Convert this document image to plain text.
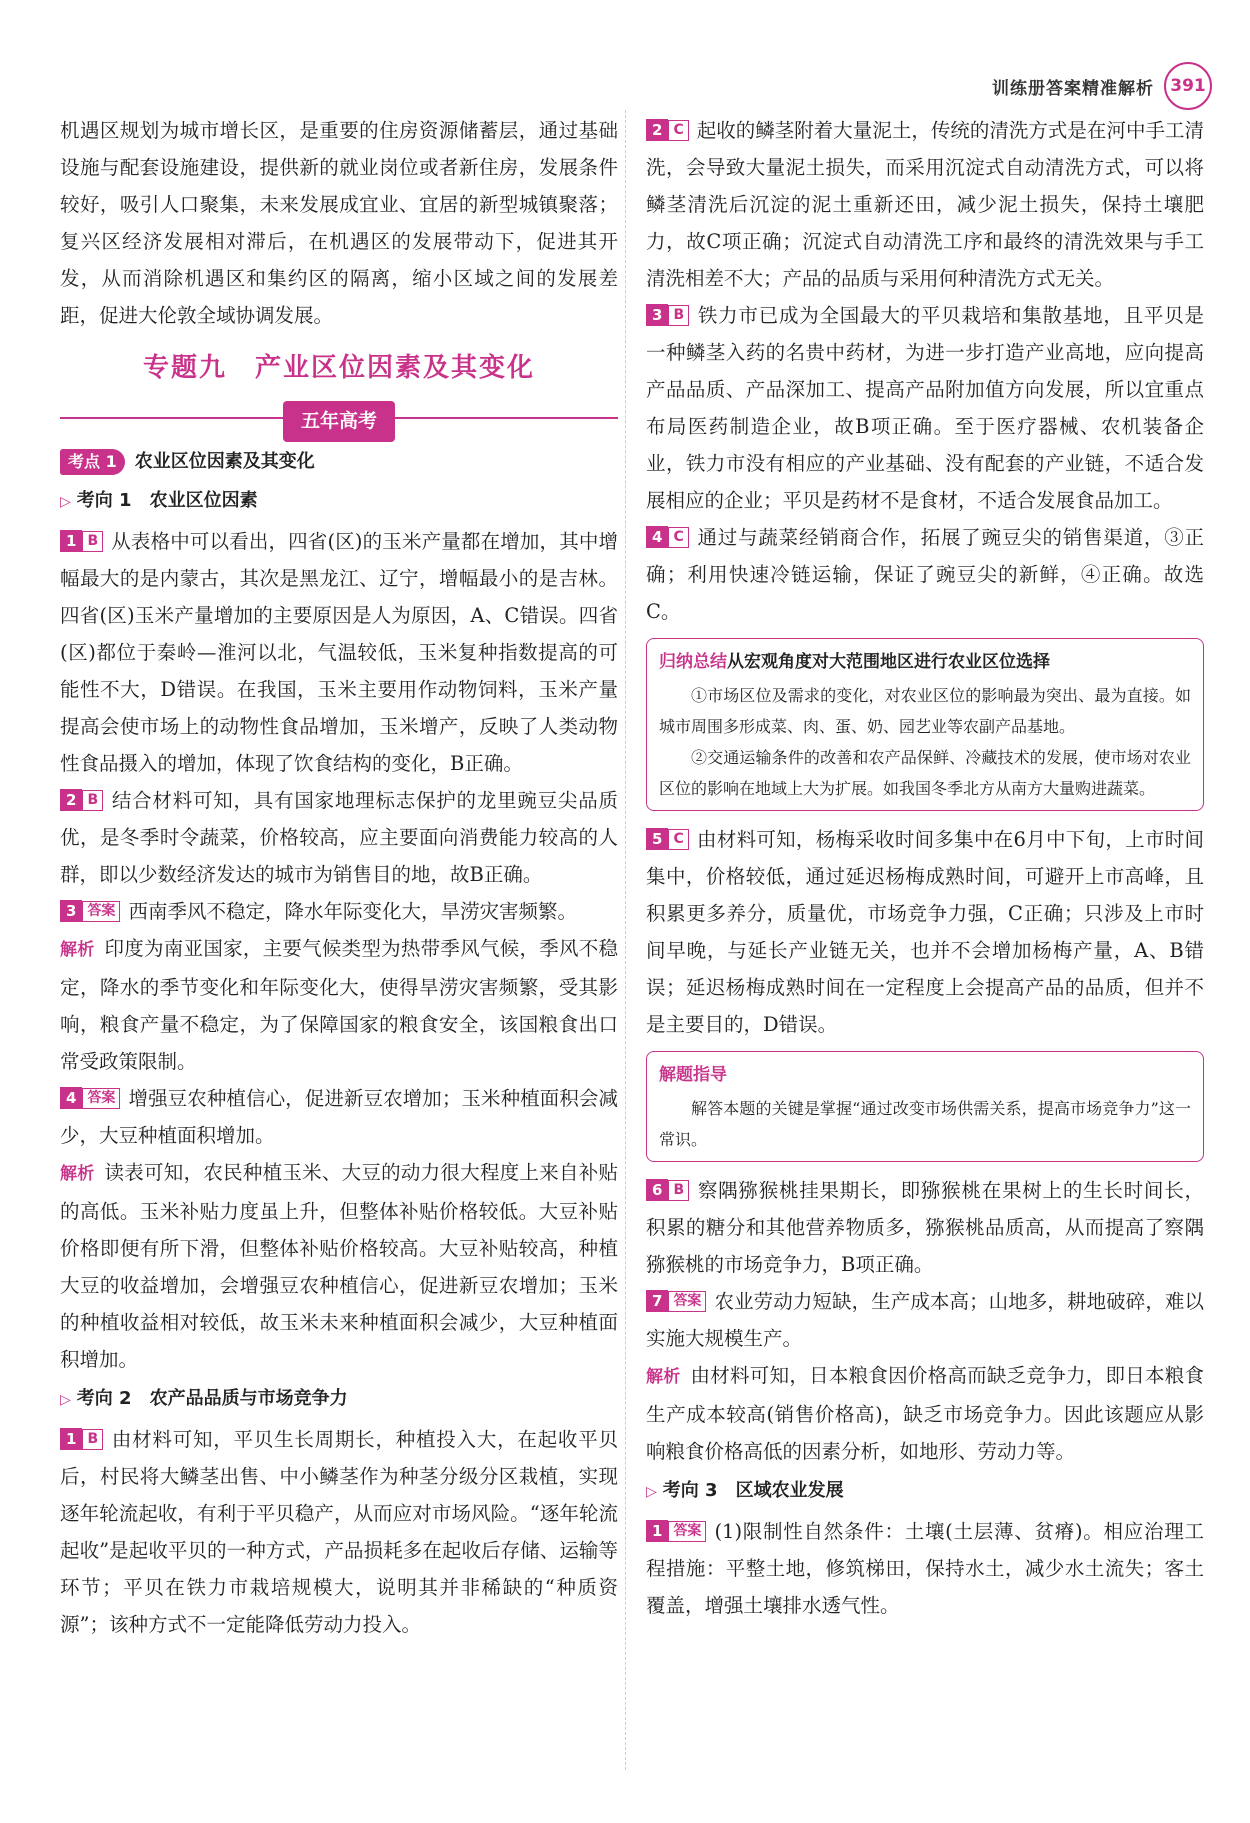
训练册答案精准解析 391

机遇区规划为城市增长区，是重要的住房资源储蓄层，通过基础设施与配套设施建设，提供新的就业岗位或者新住房，发展条件较好，吸引人口聚集，未来发展成宜业、宜居的新型城镇聚落；复兴区经济发展相对滞后，在机遇区的发展带动下，促进其开发，从而消除机遇区和集约区的隔离，缩小区域之间的发展差距，促进大伦敦全域协调发展。

专题九　产业区位因素及其变化
五年高考
考点 1	农业区位因素及其变化
▷ 考向 1　农业区位因素

1 B 从表格中可以看出，四省(区)的玉米产量都在增加，其中增幅最大的是内蒙古，其次是黑龙江、辽宁，增幅最小的是吉林。四省(区)玉米产量增加的主要原因是人为原因，A、C错误。四省(区)都位于秦岭—淮河以北，气温较低，玉米复种指数提高的可能性不大，D错误。在我国，玉米主要用作动物饲料，玉米产量提高会使市场上的动物性食品增加，玉米增产，反映了人类动物性食品摄入的增加，体现了饮食结构的变化，B正确。

2 B 结合材料可知，具有国家地理标志保护的龙里豌豆尖品质优，是冬季时令蔬菜，价格较高，应主要面向消费能力较高的人群，即以少数经济发达的城市为销售目的地，故B正确。

3 答案 西南季风不稳定，降水年际变化大，旱涝灾害频繁。

解析 印度为南亚国家，主要气候类型为热带季风气候，季风不稳定，降水的季节变化和年际变化大，使得旱涝灾害频繁，受其影响，粮食产量不稳定，为了保障国家的粮食安全，该国粮食出口常受政策限制。

4 答案 增强豆农种植信心，促进新豆农增加；玉米种植面积会减少，大豆种植面积增加。

解析 读表可知，农民种植玉米、大豆的动力很大程度上来自补贴的高低。玉米补贴力度虽上升，但整体补贴价格较低。大豆补贴价格即便有所下滑，但整体补贴价格较高。大豆补贴较高，种植大豆的收益增加，会增强豆农种植信心，促进新豆农增加；玉米的种植收益相对较低，故玉米未来种植面积会减少，大豆种植面积增加。

▷ 考向 2　农产品品质与市场竞争力

1 B 由材料可知，平贝生长周期长，种植投入大，在起收平贝后，村民将大鳞茎出售、中小鳞茎作为种茎分级分区栽植，实现逐年轮流起收，有利于平贝稳产，从而应对市场风险。“逐年轮流起收”是起收平贝的一种方式，产品损耗多在起收后存储、运输等环节；平贝在铁力市栽培规模大，说明其并非稀缺的“种质资源”；该种方式不一定能降低劳动力投入。

2 C 起收的鳞茎附着大量泥土，传统的清洗方式是在河中手工清洗，会导致大量泥土损失，而采用沉淀式自动清洗方式，可以将鳞茎清洗后沉淀的泥土重新还田，减少泥土损失，保持土壤肥力，故C项正确；沉淀式自动清洗工序和最终的清洗效果与手工清洗相差不大；产品的品质与采用何种清洗方式无关。

3 B 铁力市已成为全国最大的平贝栽培和集散基地，且平贝是一种鳞茎入药的名贵中药材，为进一步打造产业高地，应向提高产品品质、产品深加工、提高产品附加值方向发展，所以宜重点布局医药制造企业，故B项正确。至于医疗器械、农机装备企业，铁力市没有相应的产业基础、没有配套的产业链，不适合发展相应的企业；平贝是药材不是食材，不适合发展食品加工。

4 C 通过与蔬菜经销商合作，拓展了豌豆尖的销售渠道，③正确；利用快速冷链运输，保证了豌豆尖的新鲜，④正确。故选C。

归纳总结从宏观角度对大范围地区进行农业区位选择

①市场区位及需求的变化，对农业区位的影响最为突出、最为直接。如城市周围多形成菜、肉、蛋、奶、园艺业等农副产品基地。

②交通运输条件的改善和农产品保鲜、冷藏技术的发展，使市场对农业区位的影响在地域上大为扩展。如我国冬季北方从南方大量购进蔬菜。

5 C 由材料可知，杨梅采收时间多集中在6月中下旬，上市时间集中，价格较低，通过延迟杨梅成熟时间，可避开上市高峰，且积累更多养分，质量优，市场竞争力强，C正确；只涉及上市时间早晚，与延长产业链无关，也并不会增加杨梅产量，A、B错误；延迟杨梅成熟时间在一定程度上会提高产品的品质，但并不是主要目的，D错误。

解题指导

解答本题的关键是掌握“通过改变市场供需关系，提高市场竞争力”这一常识。

6 B 察隅猕猴桃挂果期长，即猕猴桃在果树上的生长时间长，积累的糖分和其他营养物质多，猕猴桃品质高，从而提高了察隅猕猴桃的市场竞争力，B项正确。

7 答案 农业劳动力短缺，生产成本高；山地多，耕地破碎，难以实施大规模生产。

解析 由材料可知，日本粮食因价格高而缺乏竞争力，即日本粮食生产成本较高(销售价格高)，缺乏市场竞争力。因此该题应从影响粮食价格高低的因素分析，如地形、劳动力等。

▷ 考向 3　区域农业发展

1 答案 (1)限制性自然条件：土壤(土层薄、贫瘠)。相应治理工程措施：平整土地，修筑梯田，保持水土，减少水土流失；客土覆盖，增强土壤排水透气性。
